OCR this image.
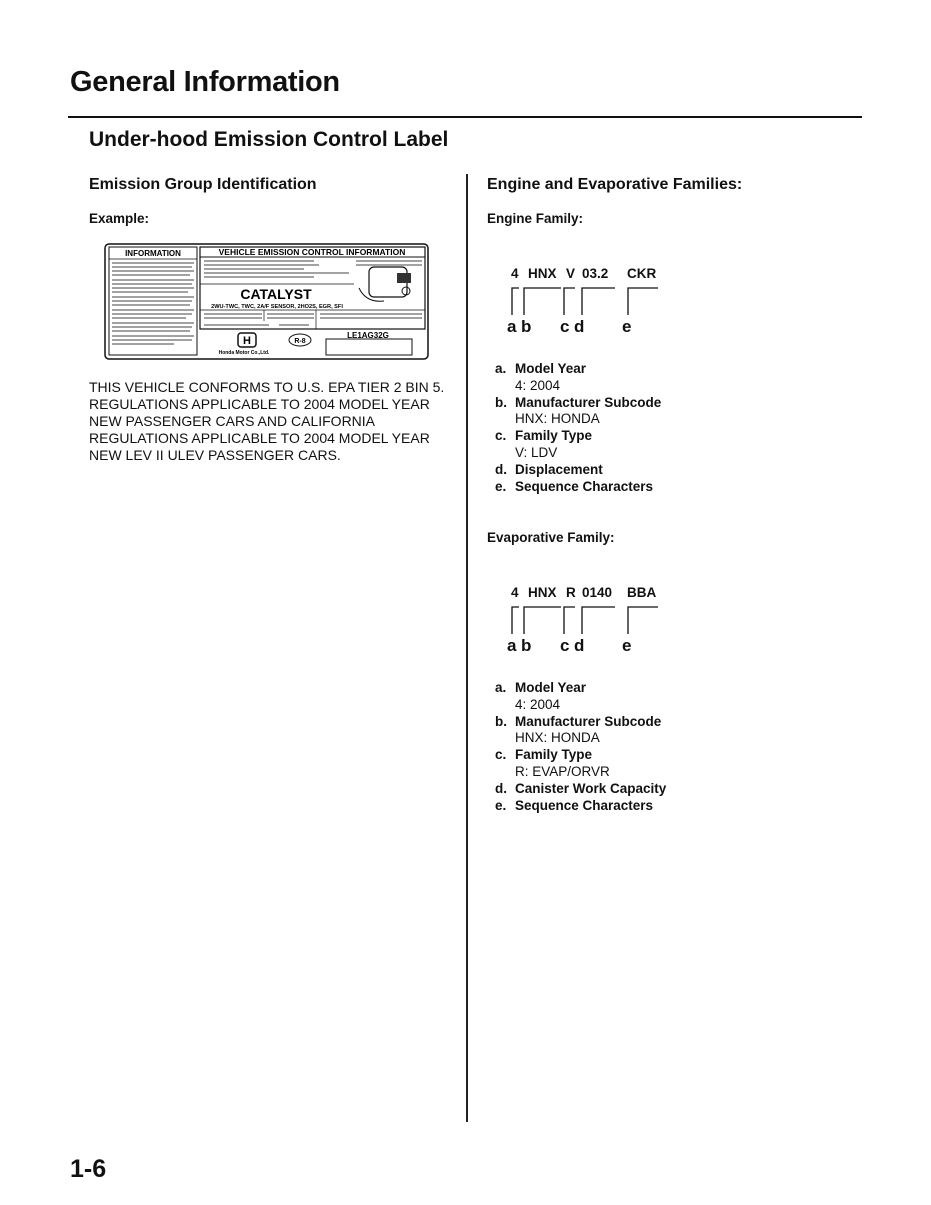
General Information
Under-hood Emission Control Label
Emission Group Identification
Example:
INFORMATION	VEHICLE EMISSION CONTROL INFORMATION
CATALYST
2WU-TWC, TWC, 2A/F SENSOR, 2HO2S, EGR, SFI
H	R-8
Honda Motor Co.,Ltd.
LE1AG32G
THIS VEHICLE CONFORMS TO U.S. EPA TIER 2 BIN 5.
REGULATIONS APPLICABLE TO 2004 MODEL YEAR
NEW PASSENGER CARS AND CALIFORNIA
REGULATIONS APPLICABLE TO 2004 MODEL YEAR
NEW LEV II ULEV PASSENGER CARS.
Engine and Evaporative Families:
Engine Family:
4 HNX V 03.2 CKR
a b c d e
a. Model Year
4: 2004
b. Manufacturer Subcode
HNX: HONDA
c. Family Type
V: LDV
d. Displacement
e. Sequence Characters
Evaporative Family:
4 HNX R 0140 BBA
a b c d e
a. Model Year
4: 2004
b. Manufacturer Subcode
HNX: HONDA
c. Family Type
R: EVAP/ORVR
d. Canister Work Capacity
e. Sequence Characters
1-6
